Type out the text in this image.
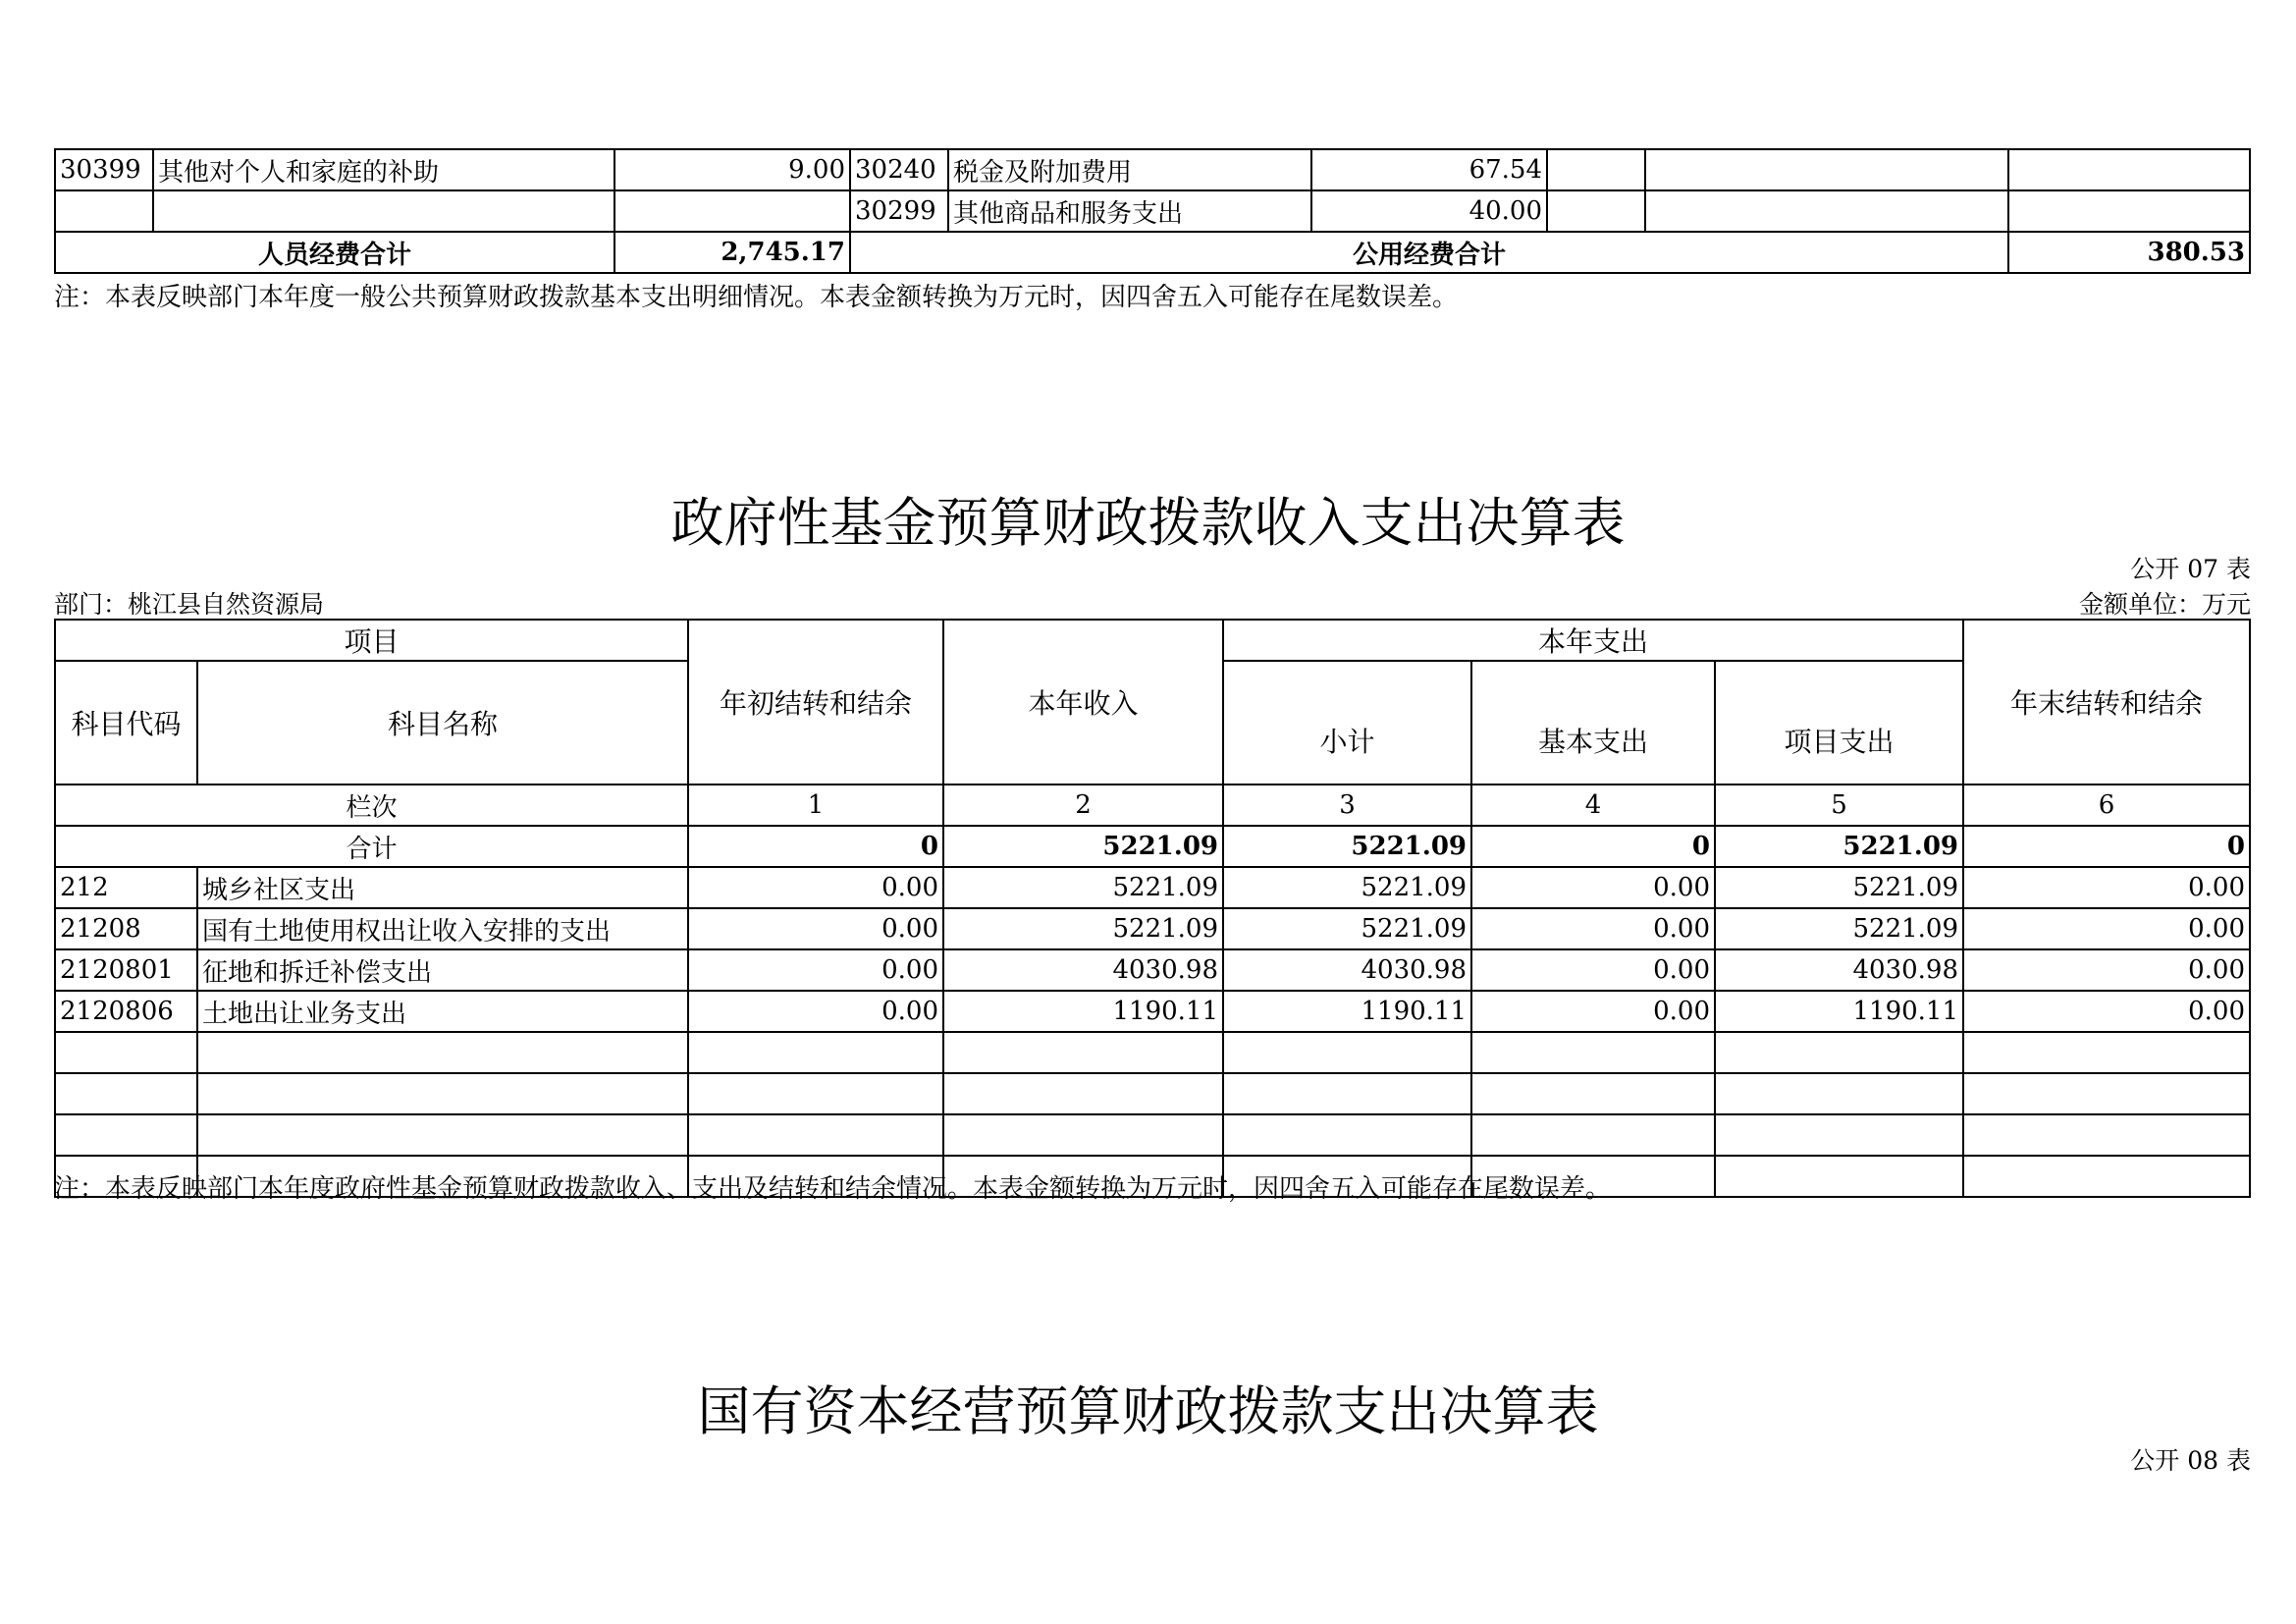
30399	其他对个人和家庭的补助	9.00	30240	税金及附加费用	67.54			
			30299	其他商品和服务支出	40.00			
人员经费合计		2,745.17	公用经费合计					380.53
注：本表反映部门本年度一般公共预算财政拨款基本支出明细情况。本表金额转换为万元时，因四舍五入可能存在尾数误差。
政府性基金预算财政拨款收入支出决算表
公开 07 表
部门：桃江县自然资源局	金额单位：万元
项目		年初结转和结余	本年收入	本年支出			年末结转和结余
科目代码	科目名称			小计	基本支出	项目支出	
栏次		1	2	3	4	5	6
合计		0	5221.09	5221.09	0	5221.09	0
212	城乡社区支出	0.00	5221.09	5221.09	0.00	5221.09	0.00
21208	国有土地使用权出让收入安排的支出	0.00	5221.09	5221.09	0.00	5221.09	0.00
2120801	征地和拆迁补偿支出	0.00	4030.98	4030.98	0.00	4030.98	0.00
2120806	土地出让业务支出	0.00	1190.11	1190.11	0.00	1190.11	0.00

注：本表反映部门本年度政府性基金预算财政拨款收入、支出及结转和结余情况。本表金额转换为万元时，因四舍五入可能存在尾数误差。
国有资本经营预算财政拨款支出决算表
公开 08 表
